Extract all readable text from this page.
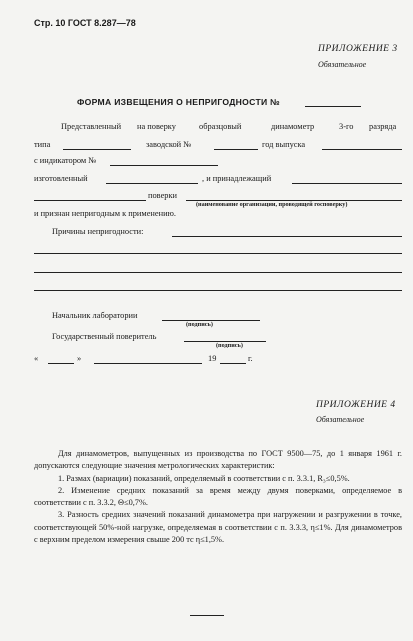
Стр. 10 ГОСТ 8.287—78
ПРИЛОЖЕНИЕ 3
Обязательное
ФОРМА ИЗВЕЩЕНИЯ О НЕПРИГОДНОСТИ №
Представленный на поверку	образцовый	динамометр	3-го разряда
типа	заводской №	год выпуска
с индикатором №
изготовленный	, и принадлежащий
поверки
(наименование организации, проводящей госповерку)
и признан непригодным к применению.
Причины непригодности:
Начальник лаборатории
(подпись)
Государственный поверитель
(подпись)
«	»	19	г.
ПРИЛОЖЕНИЕ 4
Обязательное

Для динамометров, выпущенных из производства по ГОСТ 9500—75, до 1 января 1961 г. допускаются следующие значения метрологических характеристик:

1. Размах (вариации) показаний, определяемый в соответствии с п. 3.3.1, R₃≤0,5%.

2. Изменение средних показаний за время между двумя поверками, определяемое в соответствии с п. 3.3.2, Θ≤0,7%.

3. Разность средних значений показаний динамометра при нагружении и разгружении в точке, соответствующей 50%-ной нагрузке, определяемая в соответствии с п. 3.3.3, η≤1%. Для динамометров с верхним пределом измерения свыше 200 тс η≤1,5%.
